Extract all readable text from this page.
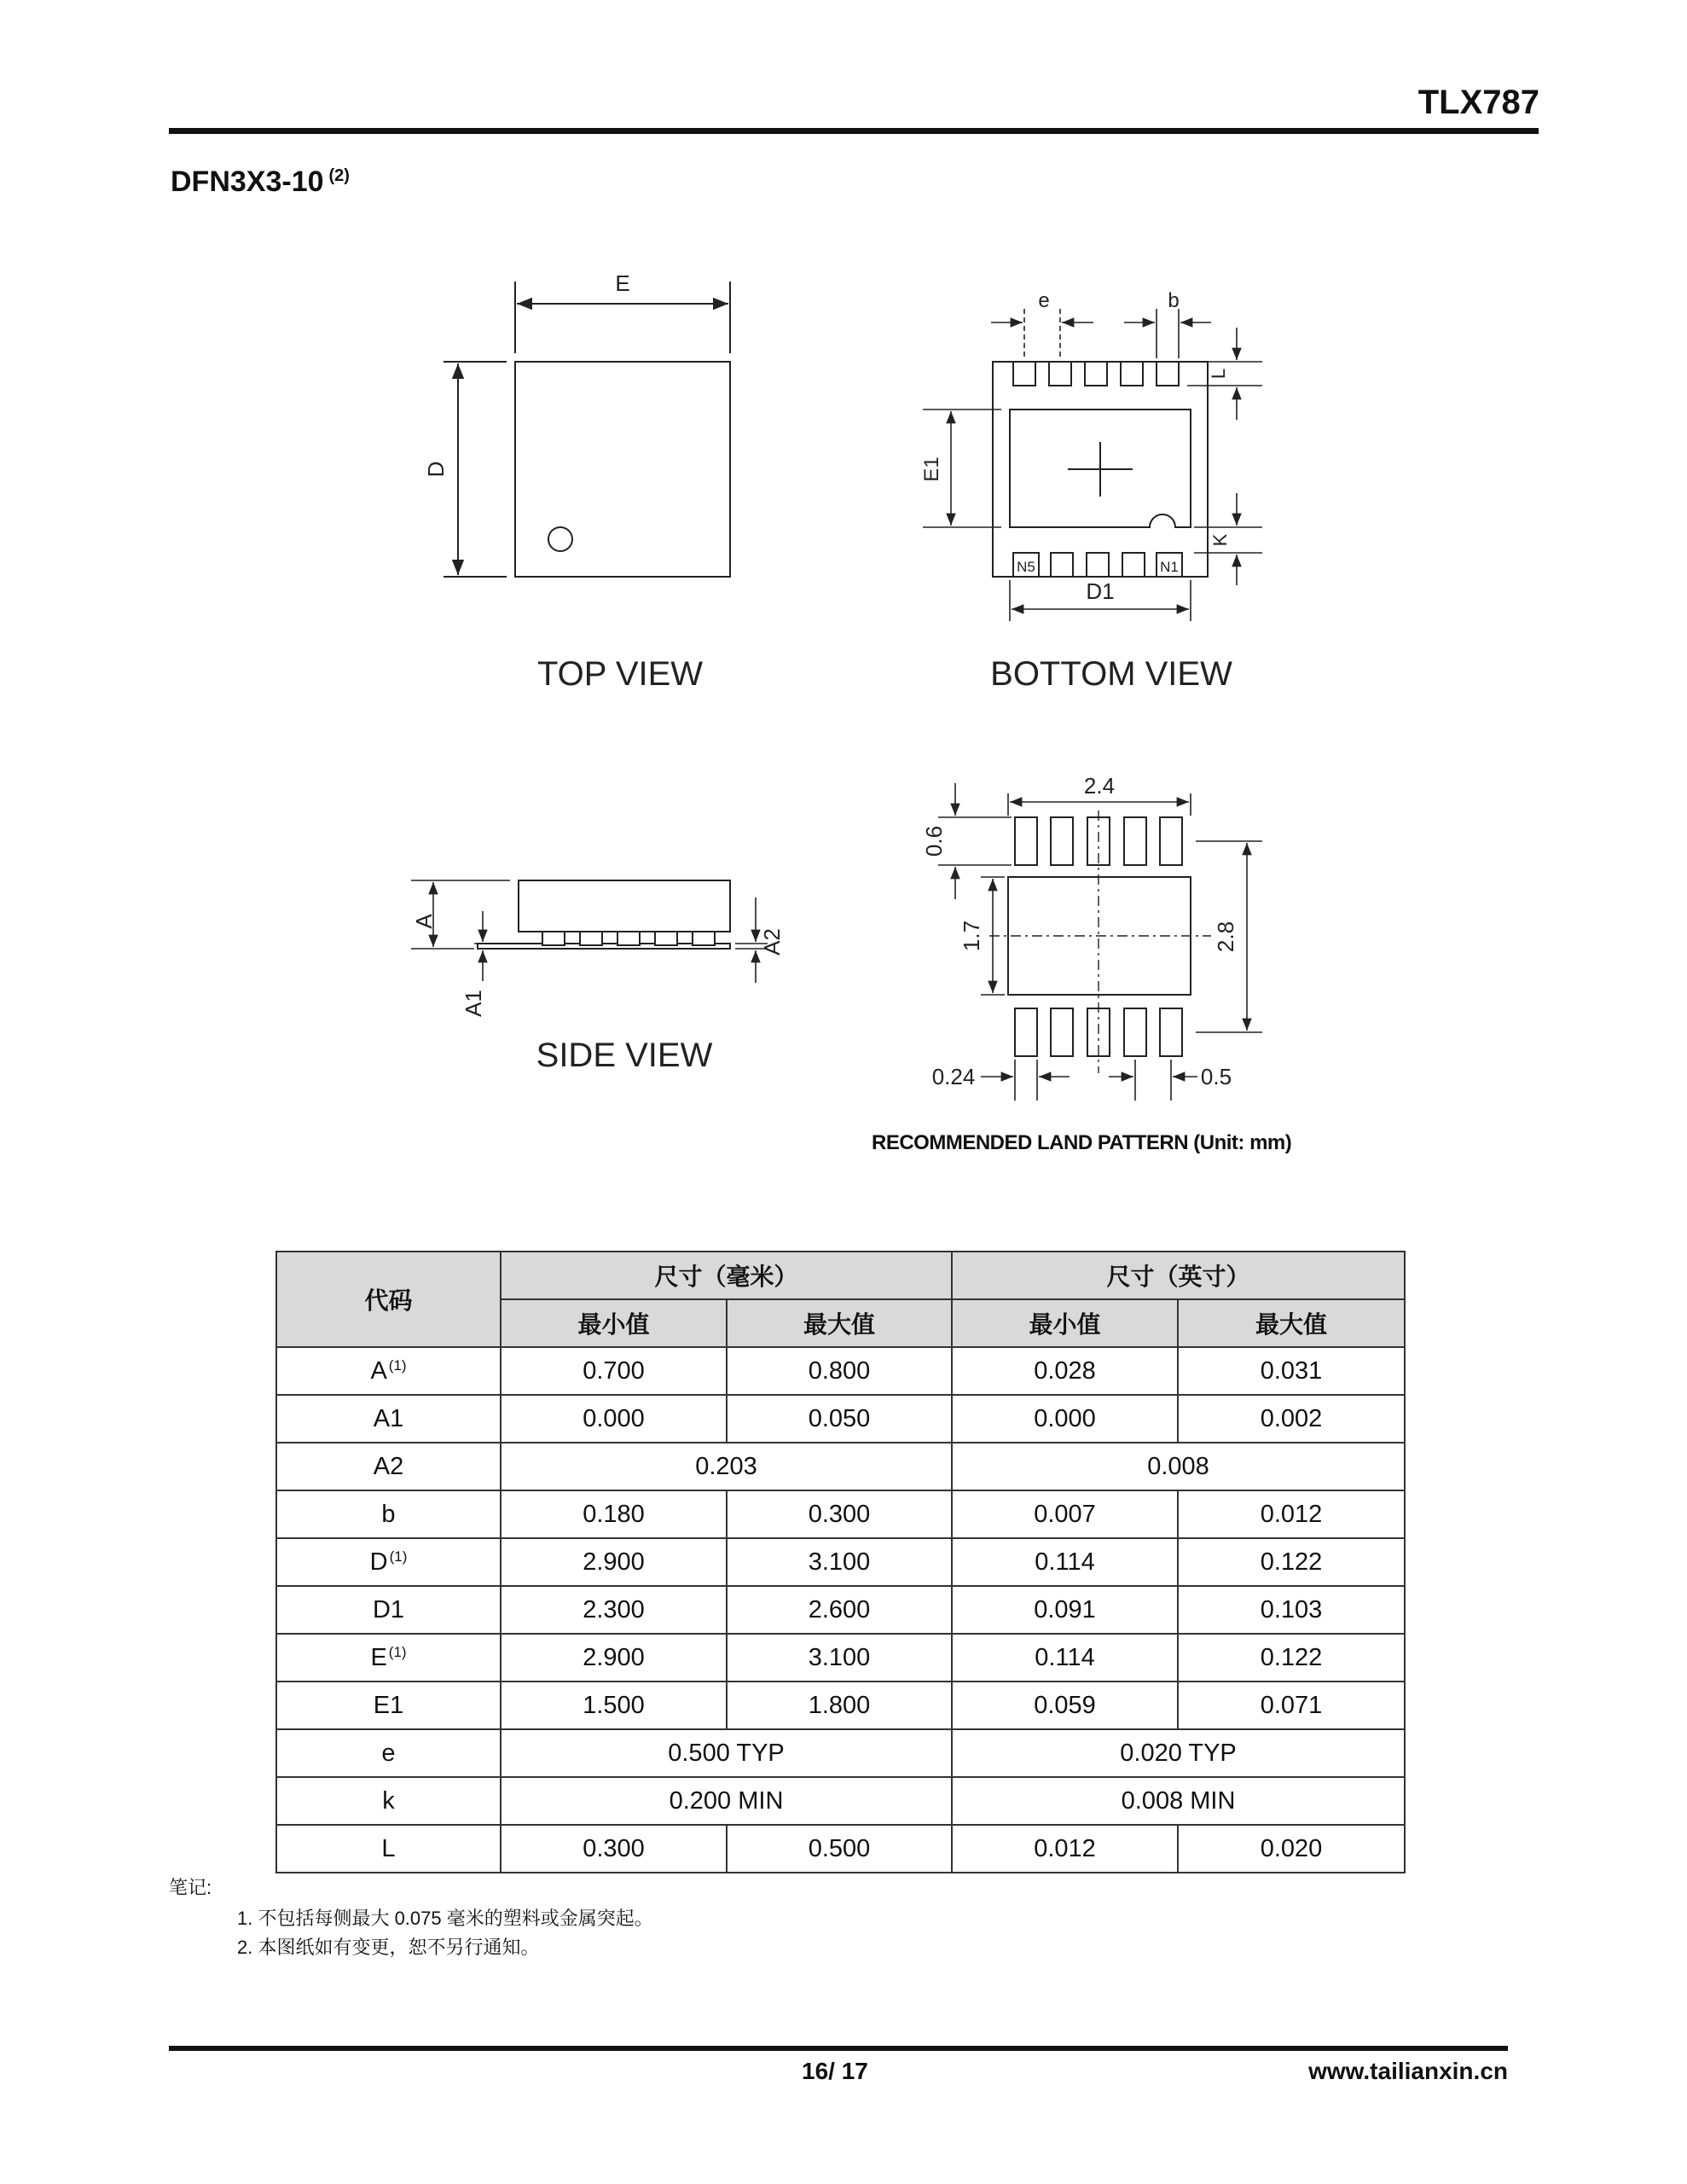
TLX787
DFN3X3-10 $^{(2)}$
E
D
TOP VIEW
e	b
L
E1
K
D1
N5	N1
BOTTOM VIEW
A
A1
A2
SIDE VIEW
2.4
0.6
1.7	2.8
0.24	0.5
RECOMMENDED LAND PATTERN (Unit: mm)
代码	尺寸（毫米）		尺寸（英寸）	
	最小值	最大值	最小值	最大值
A $^{(1)}$	0.700	0.800	0.028	0.031
A1	0.000	0.050	0.000	0.002
A2	0.203		0.008	
b	0.180	0.300	0.007	0.012
D $^{(1)}$	2.900	3.100	0.114	0.122
D1	2.300	2.600	0.091	0.103
E $^{(1)}$	2.900	3.100	0.114	0.122
E1	1.500	1.800	0.059	0.071
e	0.500 TYP		0.020 TYP	
k	0.200 MIN		0.008 MIN	
L	0.300	0.500	0.012	0.020
笔记:
1. 不包括每侧最大 0.075 毫米的塑料或金属突起。
2. 本图纸如有变更，恕不另行通知。
16/ 17	www.tailianxin.cn
